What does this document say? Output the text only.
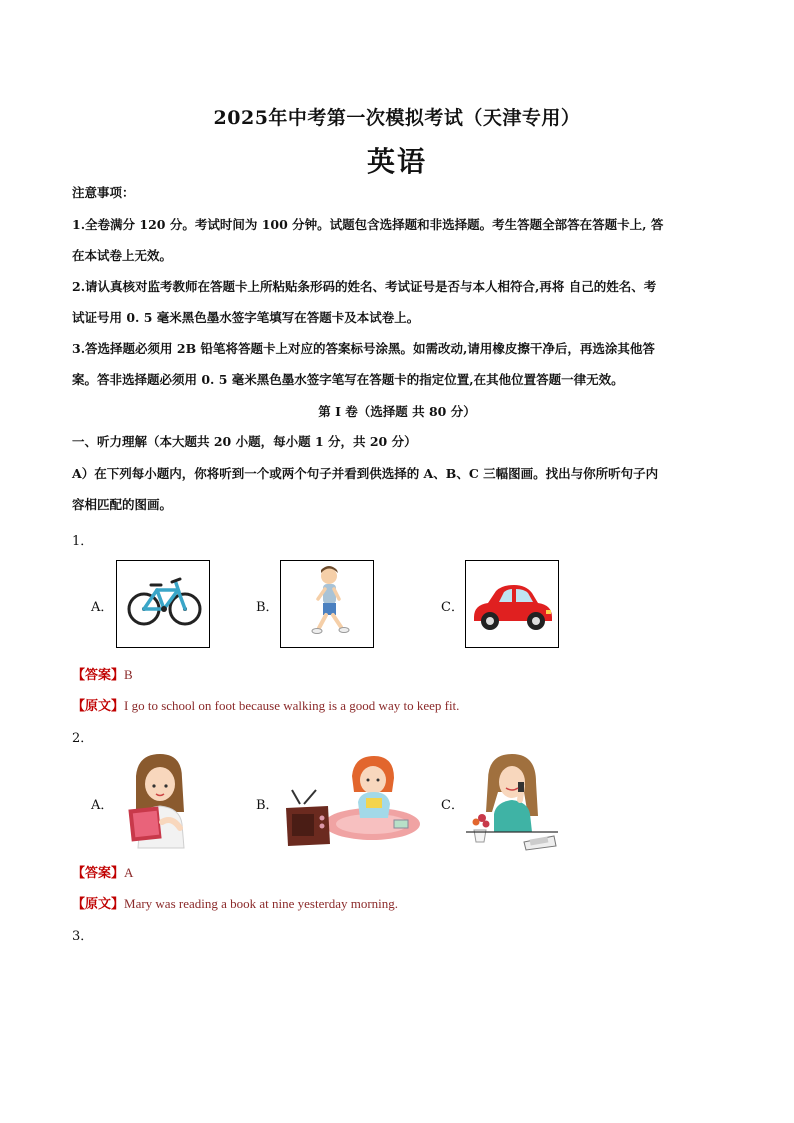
2025年中考第一次模拟考试（天津专用）
英语
注意事项：
1.全卷满分 120 分。考试时间为 100 分钟。试题包含选择题和非选择题。考生答题全部答在答题卡上, 答
在本试卷上无效。
2.请认真核对监考教师在答题卡上所粘贴条形码的姓名、考试证号是否与本人相符合,再将 自己的姓名、考
试证号用 0. 5 毫米黑色墨水签字笔填写在答题卡及本试卷上。
3.答选择题必须用 2B 铅笔将答题卡上对应的答案标号涂黑。如需改动,请用橡皮擦干净后，再选涂其他答
案。答非选择题必须用 0. 5 毫米黑色墨水签字笔写在答题卡的指定位置,在其他位置答题一律无效。
第 I 卷（选择题 共 80 分）
一、听力理解（本大题共 20 小题，每小题 1 分，共 20 分）
A）在下列每小题内，你将听到一个或两个句子并看到供选择的 A、B、C 三幅图画。找出与你所听句子内
容相匹配的图画。
1．
A．	B．	C．
【答案】B
【原文】I go to school on foot because walking is a good way to keep fit.
2．
A．	B．	C．
【答案】A
【原文】Mary was reading a book at nine yesterday morning.
3．
